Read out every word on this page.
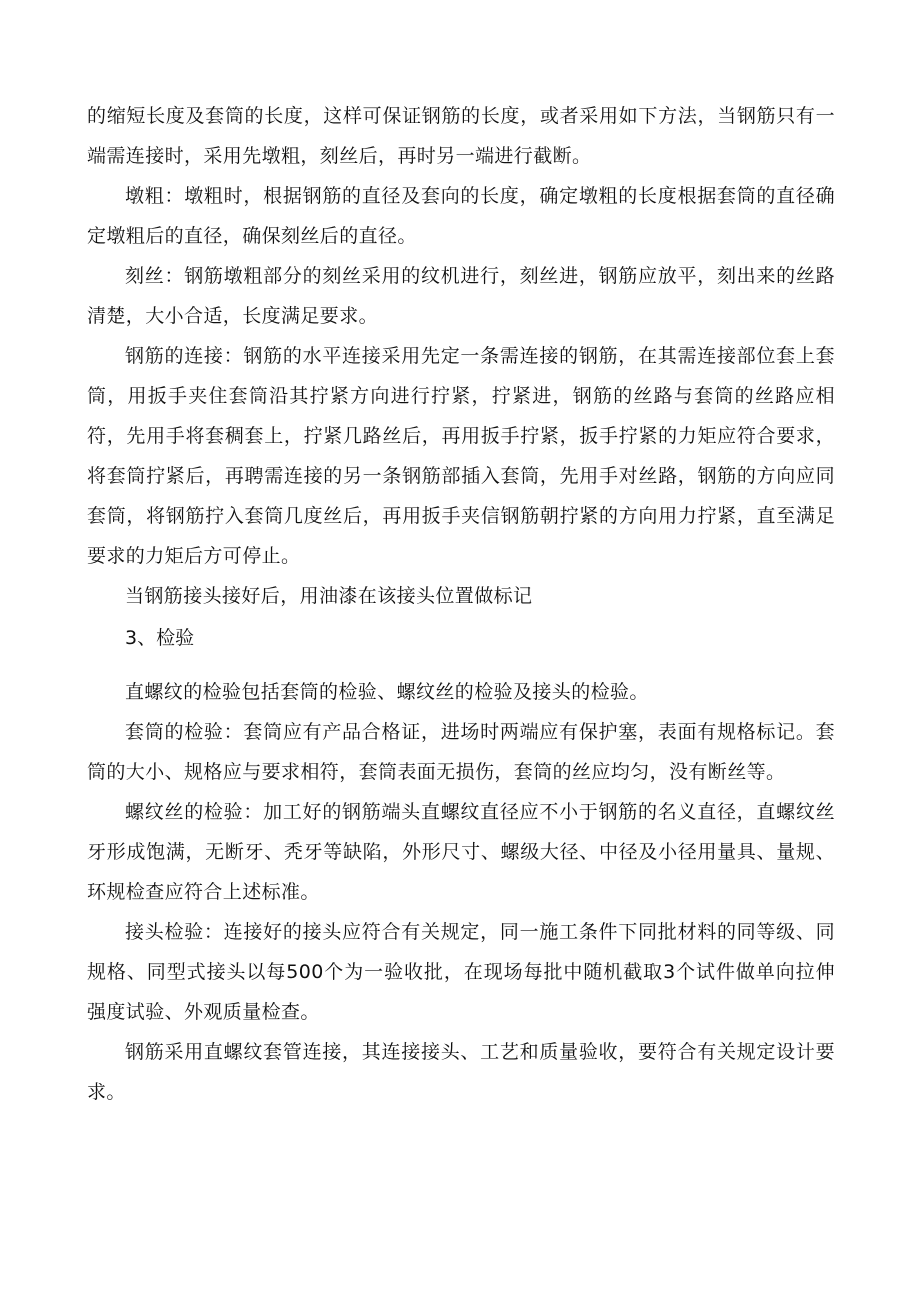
的缩短长度及套筒的长度，这样可保证钢筋的长度，或者采用如下方法，当钢筋只有一端需连接时，采用先墩粗，刻丝后，再时另一端进行截断。

墩粗：墩粗时，根据钢筋的直径及套向的长度，确定墩粗的长度根据套筒的直径确定墩粗后的直径，确保刻丝后的直径。

刻丝：钢筋墩粗部分的刻丝采用的纹机进行，刻丝进，钢筋应放平，刻出来的丝路清楚，大小合适，长度满足要求。

钢筋的连接：钢筋的水平连接采用先定一条需连接的钢筋，在其需连接部位套上套筒，用扳手夹住套筒沿其拧紧方向进行拧紧，拧紧进，钢筋的丝路与套筒的丝路应相符，先用手将套稠套上，拧紧几路丝后，再用扳手拧紧，扳手拧紧的力矩应符合要求，将套筒拧紧后，再聘需连接的另一条钢筋部插入套筒，先用手对丝路，钢筋的方向应同套筒，将钢筋拧入套筒几度丝后，再用扳手夹信钢筋朝拧紧的方向用力拧紧，直至满足要求的力矩后方可停止。

当钢筋接头接好后，用油漆在该接头位置做标记

3、检验

直螺纹的检验包括套筒的检验、螺纹丝的检验及接头的检验。

套筒的检验：套筒应有产品合格证，进场时两端应有保护塞，表面有规格标记。套筒的大小、规格应与要求相符，套筒表面无损伤，套筒的丝应均匀，没有断丝等。

螺纹丝的检验：加工好的钢筋端头直螺纹直径应不小于钢筋的名义直径，直螺纹丝牙形成饱满，无断牙、秃牙等缺陷，外形尺寸、螺级大径、中径及小径用量具、量规、环规检查应符合上述标准。

接头检验：连接好的接头应符合有关规定，同一施工条件下同批材料的同等级、同规格、同型式接头以每500个为一验收批，在现场每批中随机截取3个试件做单向拉伸强度试验、外观质量检查。

钢筋采用直螺纹套管连接，其连接接头、工艺和质量验收，要符合有关规定设计要求。
